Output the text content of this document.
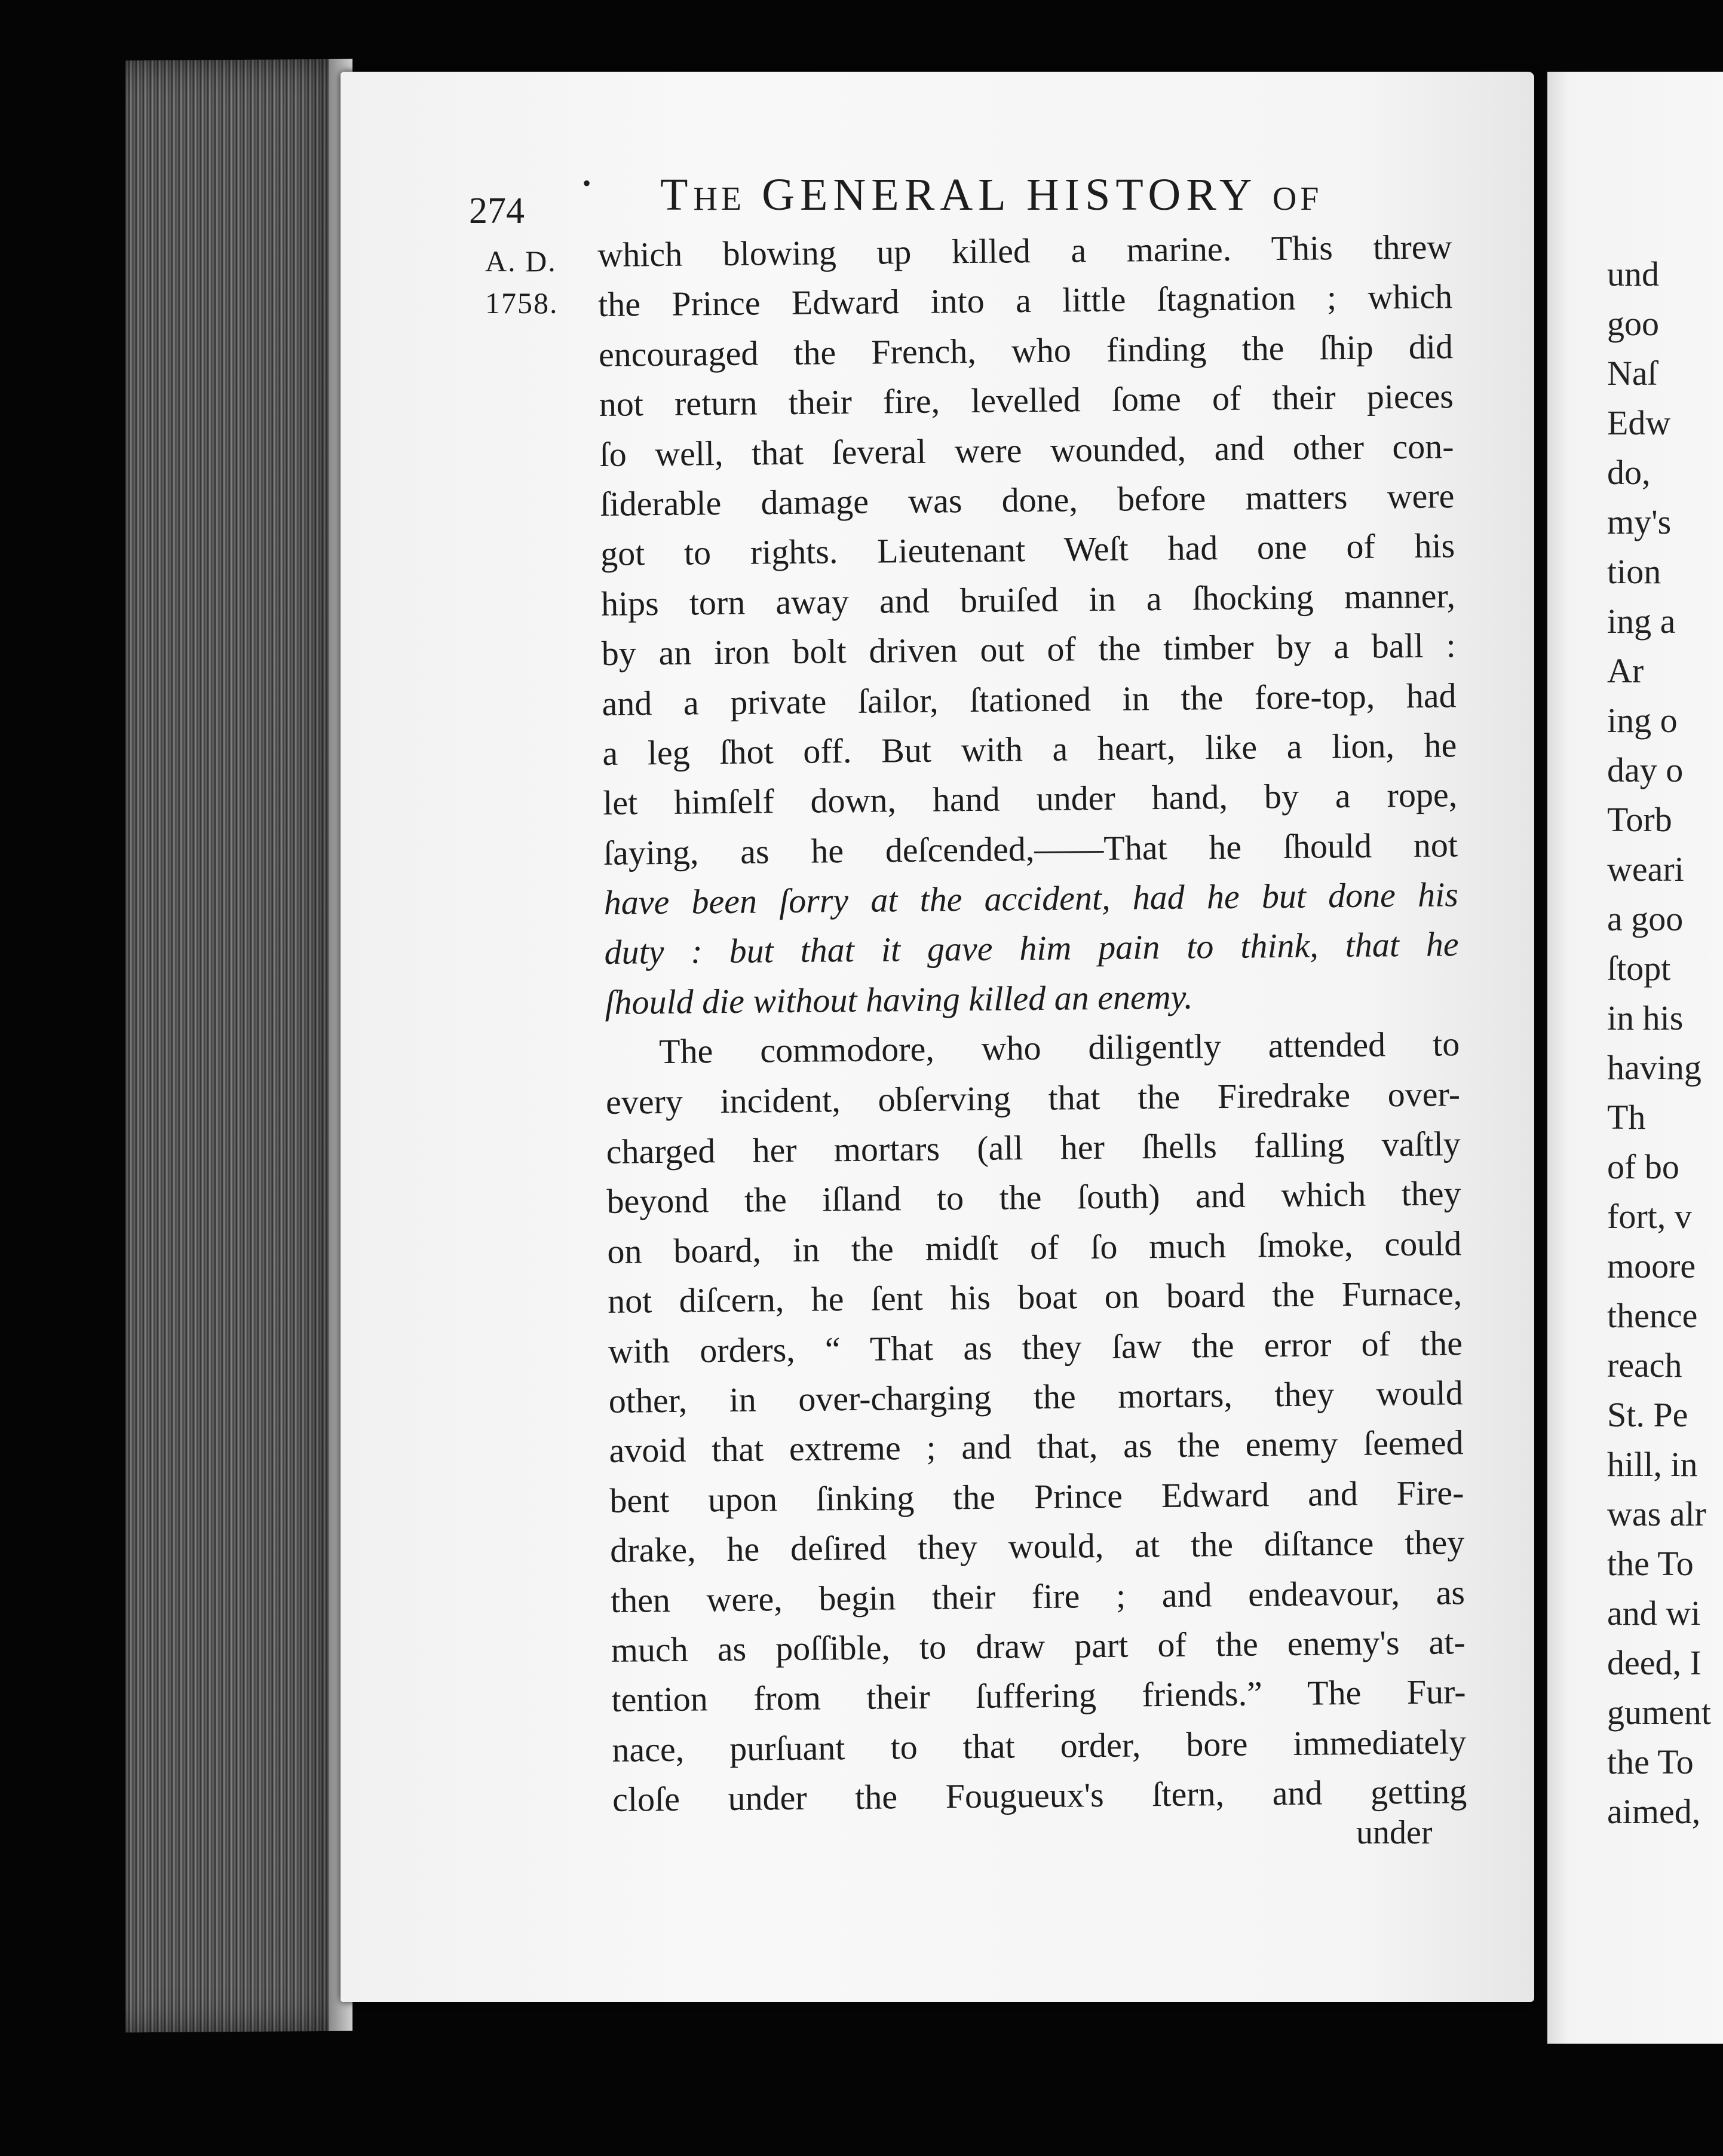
274
• THE GENERAL HISTORY OF
A. D.
1758.
which blowing up killed a marine. This threw
the Prince Edward into a little ſtagnation ; which
encouraged the French, who finding the ſhip did
not return their fire, levelled ſome of their pieces
ſo well, that ſeveral were wounded, and other con-
ſiderable damage was done, before matters were
got to rights. Lieutenant Weſt had one of his
hips torn away and bruiſed in a ſhocking manner,
by an iron bolt driven out of the timber by a ball :
and a private ſailor, ſtationed in the fore-top, had
a leg ſhot off. But with a heart, like a lion, he
let himſelf down, hand under hand, by a rope,
ſaying, as he deſcended,——That he ſhould not
have been ſorry at the accident, had he but done his
duty : but that it gave him pain to think, that he
ſhould die without having killed an enemy.
The commodore, who diligently attended to
every incident, obſerving that the Firedrake over-
charged her mortars (all her ſhells falling vaſtly
beyond the iſland to the ſouth) and which they
on board, in the midſt of ſo much ſmoke, could
not diſcern, he ſent his boat on board the Furnace,
with orders, “ That as they ſaw the error of the
other, in over-charging the mortars, they would
avoid that extreme ; and that, as the enemy ſeemed
bent upon ſinking the Prince Edward and Fire-
drake, he deſired they would, at the diſtance they
then were, begin their fire ; and endeavour, as
much as poſſible, to draw part of the enemy's at-
tention from their ſuffering friends.” The Fur-
nace, purſuant to that order, bore immediately
cloſe under the Fougueux's ſtern, and getting
under
und
goo
Naſ
Edw
do,
my's
tion
ing a
Ar
ing o
day o
Torb
weari
a goo
ſtopt
in his
having
Th
of bo
fort, v
moore
thence
reach
St. Pe
hill, in
was alr
the To
and wi
deed, I
gument
the To
aimed,
